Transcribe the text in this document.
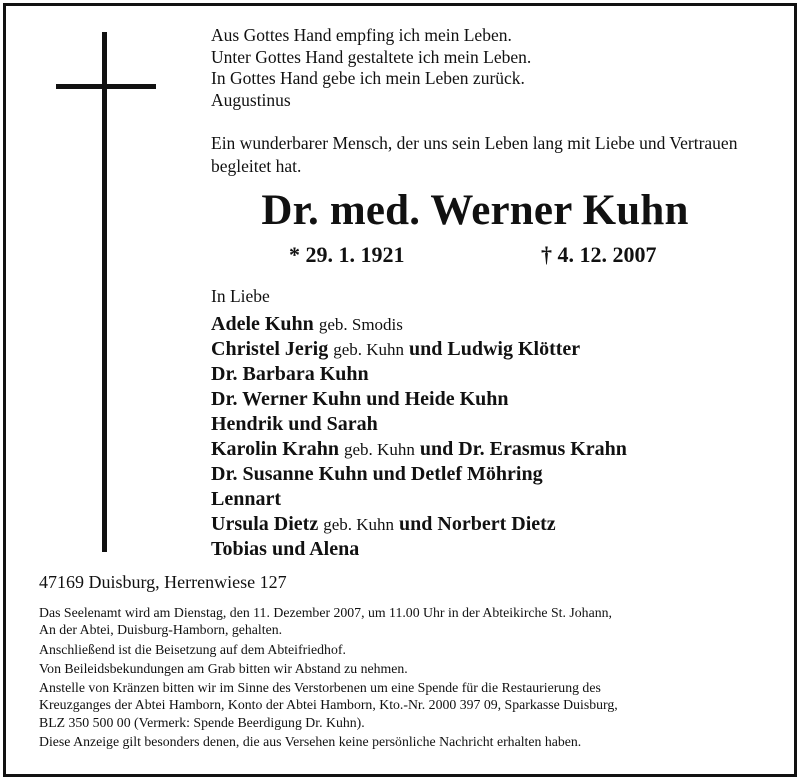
Aus Gottes Hand empfing ich mein Leben.
Unter Gottes Hand gestaltete ich mein Leben.
In Gottes Hand gebe ich mein Leben zurück.
Augustinus
Ein wunderbarer Mensch, der uns sein Leben lang mit Liebe und Vertrauen begleitet hat.
Dr. med. Werner Kuhn
* 29. 1. 1921	† 4. 12. 2007
In Liebe
Adele Kuhn geb. Smodis
Christel Jerig geb. Kuhn und Ludwig Klötter
Dr. Barbara Kuhn
Dr. Werner Kuhn und Heide Kuhn
Hendrik und Sarah
Karolin Krahn geb. Kuhn und Dr. Erasmus Krahn
Dr. Susanne Kuhn und Detlef Möhring
Lennart
Ursula Dietz geb. Kuhn und Norbert Dietz
Tobias und Alena
47169 Duisburg, Herrenwiese 127
Das Seelenamt wird am Dienstag, den 11. Dezember 2007, um 11.00 Uhr in der Abteikirche St. Johann,
An der Abtei, Duisburg-Hamborn, gehalten.
Anschließend ist die Beisetzung auf dem Abteifriedhof.
Von Beileidsbekundungen am Grab bitten wir Abstand zu nehmen.
Anstelle von Kränzen bitten wir im Sinne des Verstorbenen um eine Spende für die Restaurierung des
Kreuzganges der Abtei Hamborn, Konto der Abtei Hamborn, Kto.-Nr. 2000 397 09, Sparkasse Duisburg,
BLZ 350 500 00 (Vermerk: Spende Beerdigung Dr. Kuhn).
Diese Anzeige gilt besonders denen, die aus Versehen keine persönliche Nachricht erhalten haben.
